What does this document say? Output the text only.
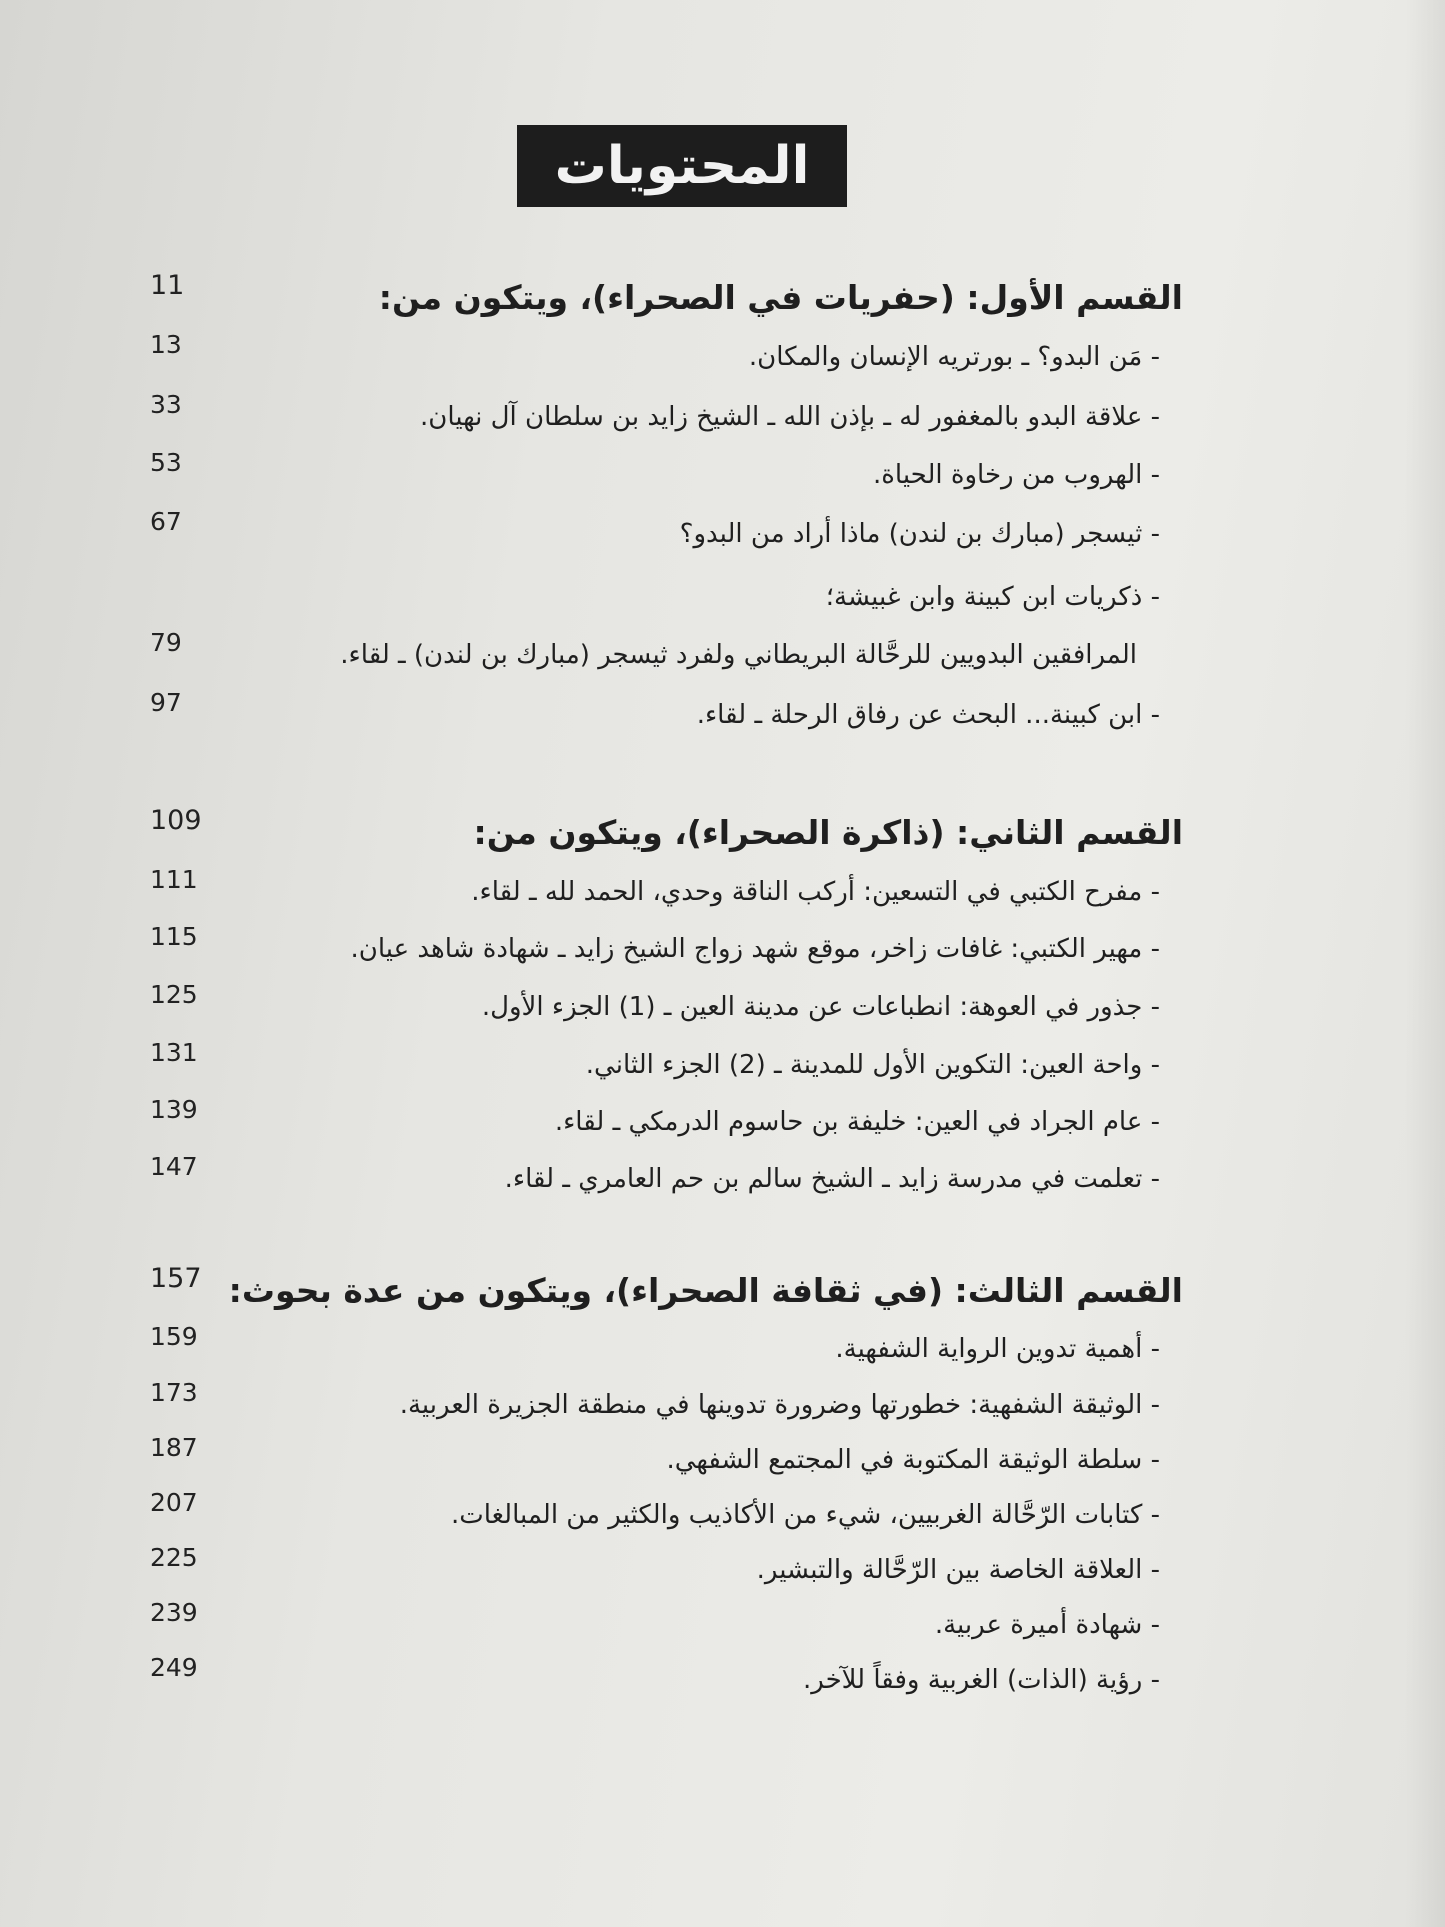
المحتويات
11	القسم الأول: (حفريات في الصحراء)، ويتكون من:
13	- مَن البدو؟ ـ بورتريه الإنسان والمكان.
33	- علاقة البدو بالمغفور له ـ بإذن الله ـ الشيخ زايد بن سلطان آل نهيان.
53	- الهروب من رخاوة الحياة.
67	- ثيسجر (مبارك بن لندن) ماذا أراد من البدو؟
- ذكريات ابن كبينة وابن غبيشة؛
79	المرافقين البدويين للرحَّالة البريطاني ولفرد ثيسجر (مبارك بن لندن) ـ لقاء.
97	- ابن كبينة... البحث عن رفاق الرحلة ـ لقاء.
109	القسم الثاني: (ذاكرة الصحراء)، ويتكون من:
111	- مفرح الكتبي في التسعين: أركب الناقة وحدي، الحمد لله ـ لقاء.
115	- مهير الكتبي: غافات زاخر، موقع شهد زواج الشيخ زايد ـ شهادة شاهد عيان.
125	- جذور في العوهة: انطباعات عن مدينة العين ـ (1) الجزء الأول.
131	- واحة العين: التكوين الأول للمدينة ـ (2) الجزء الثاني.
139	- عام الجراد في العين: خليفة بن حاسوم الدرمكي ـ لقاء.
147	- تعلمت في مدرسة زايد ـ الشيخ سالم بن حم العامري ـ لقاء.
157 القسم الثالث: (في ثقافة الصحراء)، ويتكون من عدة بحوث:
159	- أهمية تدوين الرواية الشفهية.
173	- الوثيقة الشفهية: خطورتها وضرورة تدوينها في منطقة الجزيرة العربية.
187	- سلطة الوثيقة المكتوبة في المجتمع الشفهي.
207	- كتابات الرّحَّالة الغربيين، شيء من الأكاذيب والكثير من المبالغات.
225	- العلاقة الخاصة بين الرّحَّالة والتبشير.
239	- شهادة أميرة عربية.
249	- رؤية (الذات) الغربية وفقاً للآخر.
